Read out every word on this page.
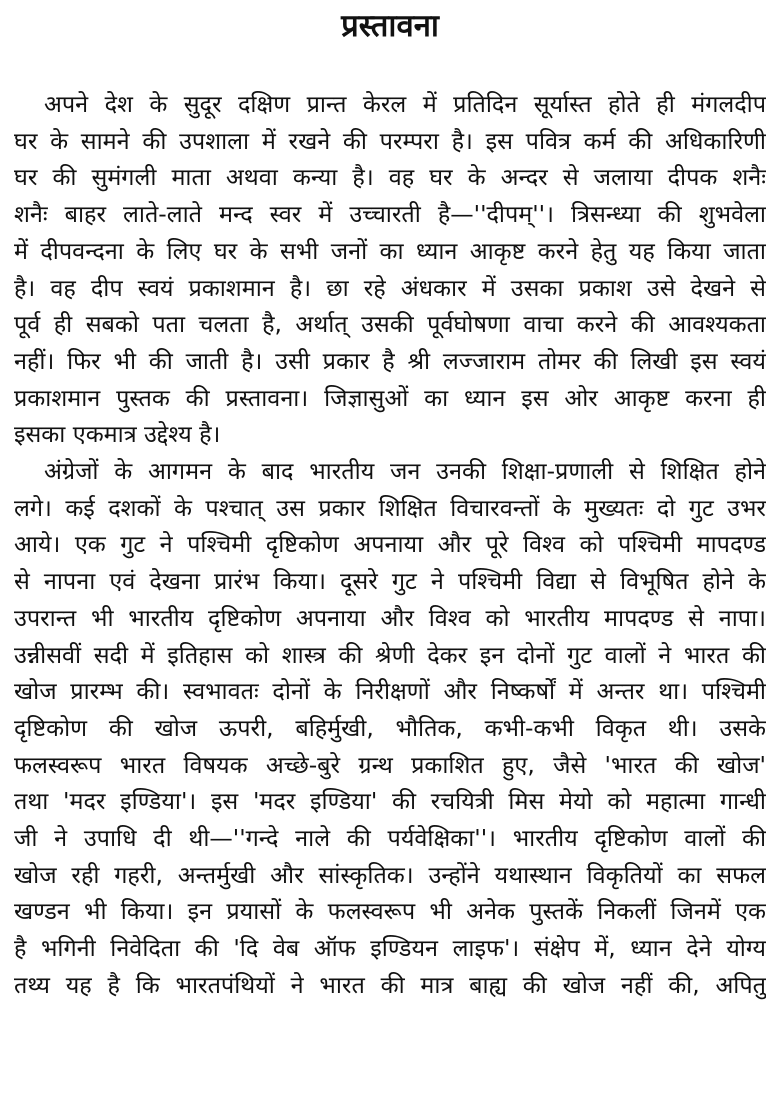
प्रस्तावना
अपने देश के सुदूर दक्षिण प्रान्त केरल में प्रतिदिन सूर्यास्त होते ही मंगलदीप
घर के सामने की उपशाला में रखने की परम्परा है। इस पवित्र कर्म की अधिकारिणी
घर की सुमंगली माता अथवा कन्या है। वह घर के अन्दर से जलाया दीपक शनैः
शनैः बाहर लाते-लाते मन्द स्वर में उच्चारती है—''दीपम्''। त्रिसन्ध्या की शुभवेला
में दीपवन्दना के लिए घर के सभी जनों का ध्यान आकृष्ट करने हेतु यह किया जाता
है। वह दीप स्वयं प्रकाशमान है। छा रहे अंधकार में उसका प्रकाश उसे देखने से
पूर्व ही सबको पता चलता है, अर्थात् उसकी पूर्वघोषणा वाचा करने की आवश्यकता
नहीं। फिर भी की जाती है। उसी प्रकार है श्री लज्जाराम तोमर की लिखी इस स्वयं
प्रकाशमान पुस्तक की प्रस्तावना। जिज्ञासुओं का ध्यान इस ओर आकृष्ट करना ही
इसका एकमात्र उद्देश्य है।
अंग्रेजों के आगमन के बाद भारतीय जन उनकी शिक्षा-प्रणाली से शिक्षित होने
लगे। कई दशकों के पश्चात् उस प्रकार शिक्षित विचारवन्तों के मुख्यतः दो गुट उभर
आये। एक गुट ने पश्चिमी दृष्टिकोण अपनाया और पूरे विश्व को पश्चिमी मापदण्ड
से नापना एवं देखना प्रारंभ किया। दूसरे गुट ने पश्चिमी विद्या से विभूषित होने के
उपरान्त भी भारतीय दृष्टिकोण अपनाया और विश्व को भारतीय मापदण्ड से नापा।
उन्नीसवीं सदी में इतिहास को शास्त्र की श्रेणी देकर इन दोनों गुट वालों ने भारत की
खोज प्रारम्भ की। स्वभावतः दोनों के निरीक्षणों और निष्कर्षों में अन्तर था। पश्चिमी
दृष्टिकोण की खोज ऊपरी, बहिर्मुखी, भौतिक, कभी-कभी विकृत थी। उसके
फलस्वरूप भारत विषयक अच्छे-बुरे ग्रन्थ प्रकाशित हुए, जैसे 'भारत की खोज'
तथा 'मदर इण्डिया'। इस 'मदर इण्डिया' की रचयित्री मिस मेयो को महात्मा गान्धी
जी ने उपाधि दी थी—''गन्दे नाले की पर्यवेक्षिका''। भारतीय दृष्टिकोण वालों की
खोज रही गहरी, अन्तर्मुखी और सांस्कृतिक। उन्होंने यथास्थान विकृतियों का सफल
खण्डन भी किया। इन प्रयासों के फलस्वरूप भी अनेक पुस्तकें निकलीं जिनमें एक
है भगिनी निवेदिता की 'दि वेब ऑफ इण्डियन लाइफ'। संक्षेप में, ध्यान देने योग्य
तथ्य यह है कि भारतपंथियों ने भारत की मात्र बाह्य की खोज नहीं की, अपितु
